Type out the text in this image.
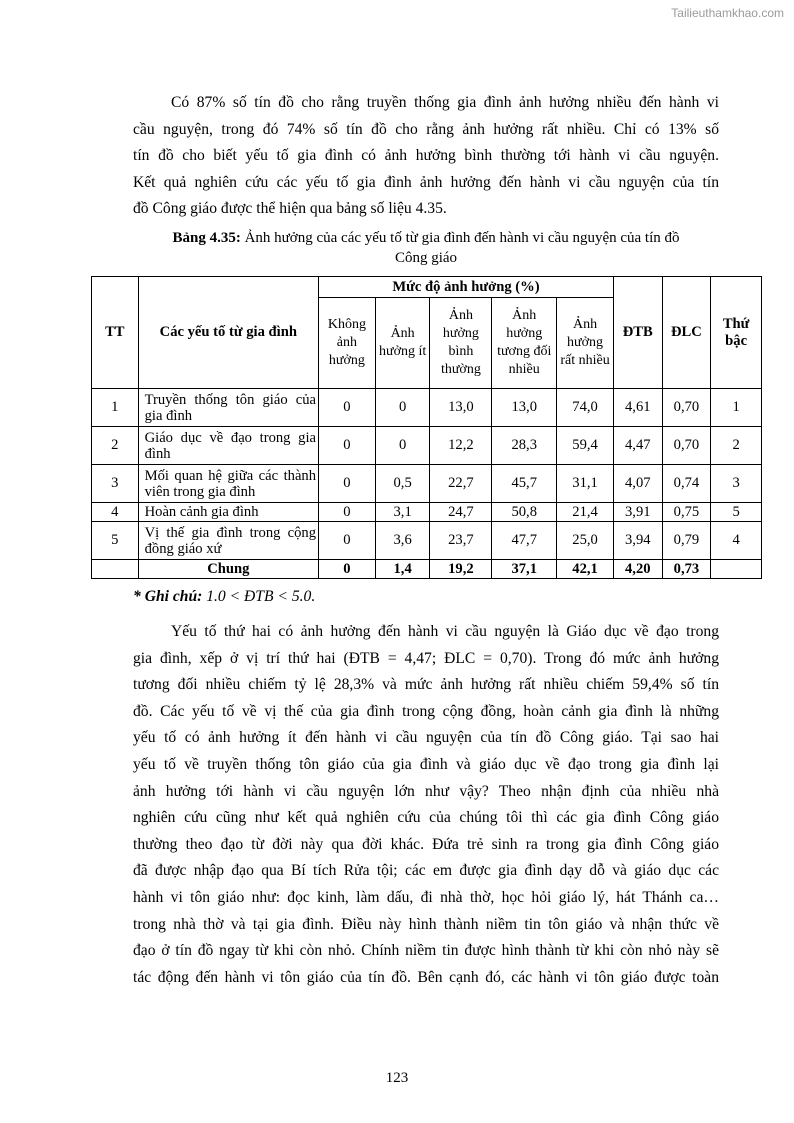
Tailieuthamkhao.com
Có 87% số tín đồ cho rằng truyền thống gia đình ảnh hưởng nhiều đến hành vi
cầu nguyện, trong đó 74% số tín đồ cho rằng ảnh hưởng rất nhiều. Chỉ có 13% số
tín đồ cho biết yếu tố gia đình có ảnh hưởng bình thường tới hành vi cầu nguyện.
Kết quả nghiên cứu các yếu tố gia đình ảnh hưởng đến hành vi cầu nguyện của tín
đồ Công giáo được thể hiện qua bảng số liệu 4.35.
Bảng 4.35: Ảnh hưởng của các yếu tố từ gia đình đến hành vi cầu nguyện của tín đồ
Công giáo
TT	Các yếu tố từ gia đình	Mức độ ảnh hưởng (%)					ĐTB	ĐLC	Thứ bậc
		Không ảnh hưởng	Ảnh hưởng ít	Ảnh hưởng bình thường	Ảnh hưởng tương đối nhiều	Ảnh hưởng rất nhiều			
1	Truyền thống tôn giáo của gia đình	0	0	13,0	13,0	74,0	4,61	0,70	1
2	Giáo dục về đạo trong gia đình	0	0	12,2	28,3	59,4	4,47	0,70	2
3	Mối quan hệ giữa các thành viên trong gia đình	0	0,5	22,7	45,7	31,1	4,07	0,74	3
4	Hoàn cảnh gia đình	0	3,1	24,7	50,8	21,4	3,91	0,75	5
5	Vị thế gia đình trong cộng đồng giáo xứ	0	3,6	23,7	47,7	25,0	3,94	0,79	4
	Chung	0	1,4	19,2	37,1	42,1	4,20	0,73	
* Ghi chú: 1.0 < ĐTB < 5.0.
Yếu tố thứ hai có ảnh hưởng đến hành vi cầu nguyện là Giáo dục về đạo trong
gia đình, xếp ở vị trí thứ hai (ĐTB = 4,47; ĐLC = 0,70). Trong đó mức ảnh hưởng
tương đối nhiều chiếm tỷ lệ 28,3% và mức ảnh hưởng rất nhiều chiếm 59,4% số tín
đồ. Các yếu tố về vị thế của gia đình trong cộng đồng, hoàn cảnh gia đình là những
yếu tố có ảnh hưởng ít đến hành vi cầu nguyện của tín đồ Công giáo. Tại sao hai
yếu tố về truyền thống tôn giáo của gia đình và giáo dục về đạo trong gia đình lại
ảnh hưởng tới hành vi cầu nguyện lớn như vậy? Theo nhận định của nhiều nhà
nghiên cứu cũng như kết quả nghiên cứu của chúng tôi thì các gia đình Công giáo
thường theo đạo từ đời này qua đời khác. Đứa trẻ sinh ra trong gia đình Công giáo
đã được nhập đạo qua Bí tích Rửa tội; các em được gia đình dạy dỗ và giáo dục các
hành vi tôn giáo như: đọc kinh, làm dấu, đi nhà thờ, học hỏi giáo lý, hát Thánh ca…
trong nhà thờ và tại gia đình. Điều này hình thành niềm tin tôn giáo và nhận thức về
đạo ở tín đồ ngay từ khi còn nhỏ. Chính niềm tin được hình thành từ khi còn nhỏ này sẽ
tác động đến hành vi tôn giáo của tín đồ. Bên cạnh đó, các hành vi tôn giáo được toàn
123
